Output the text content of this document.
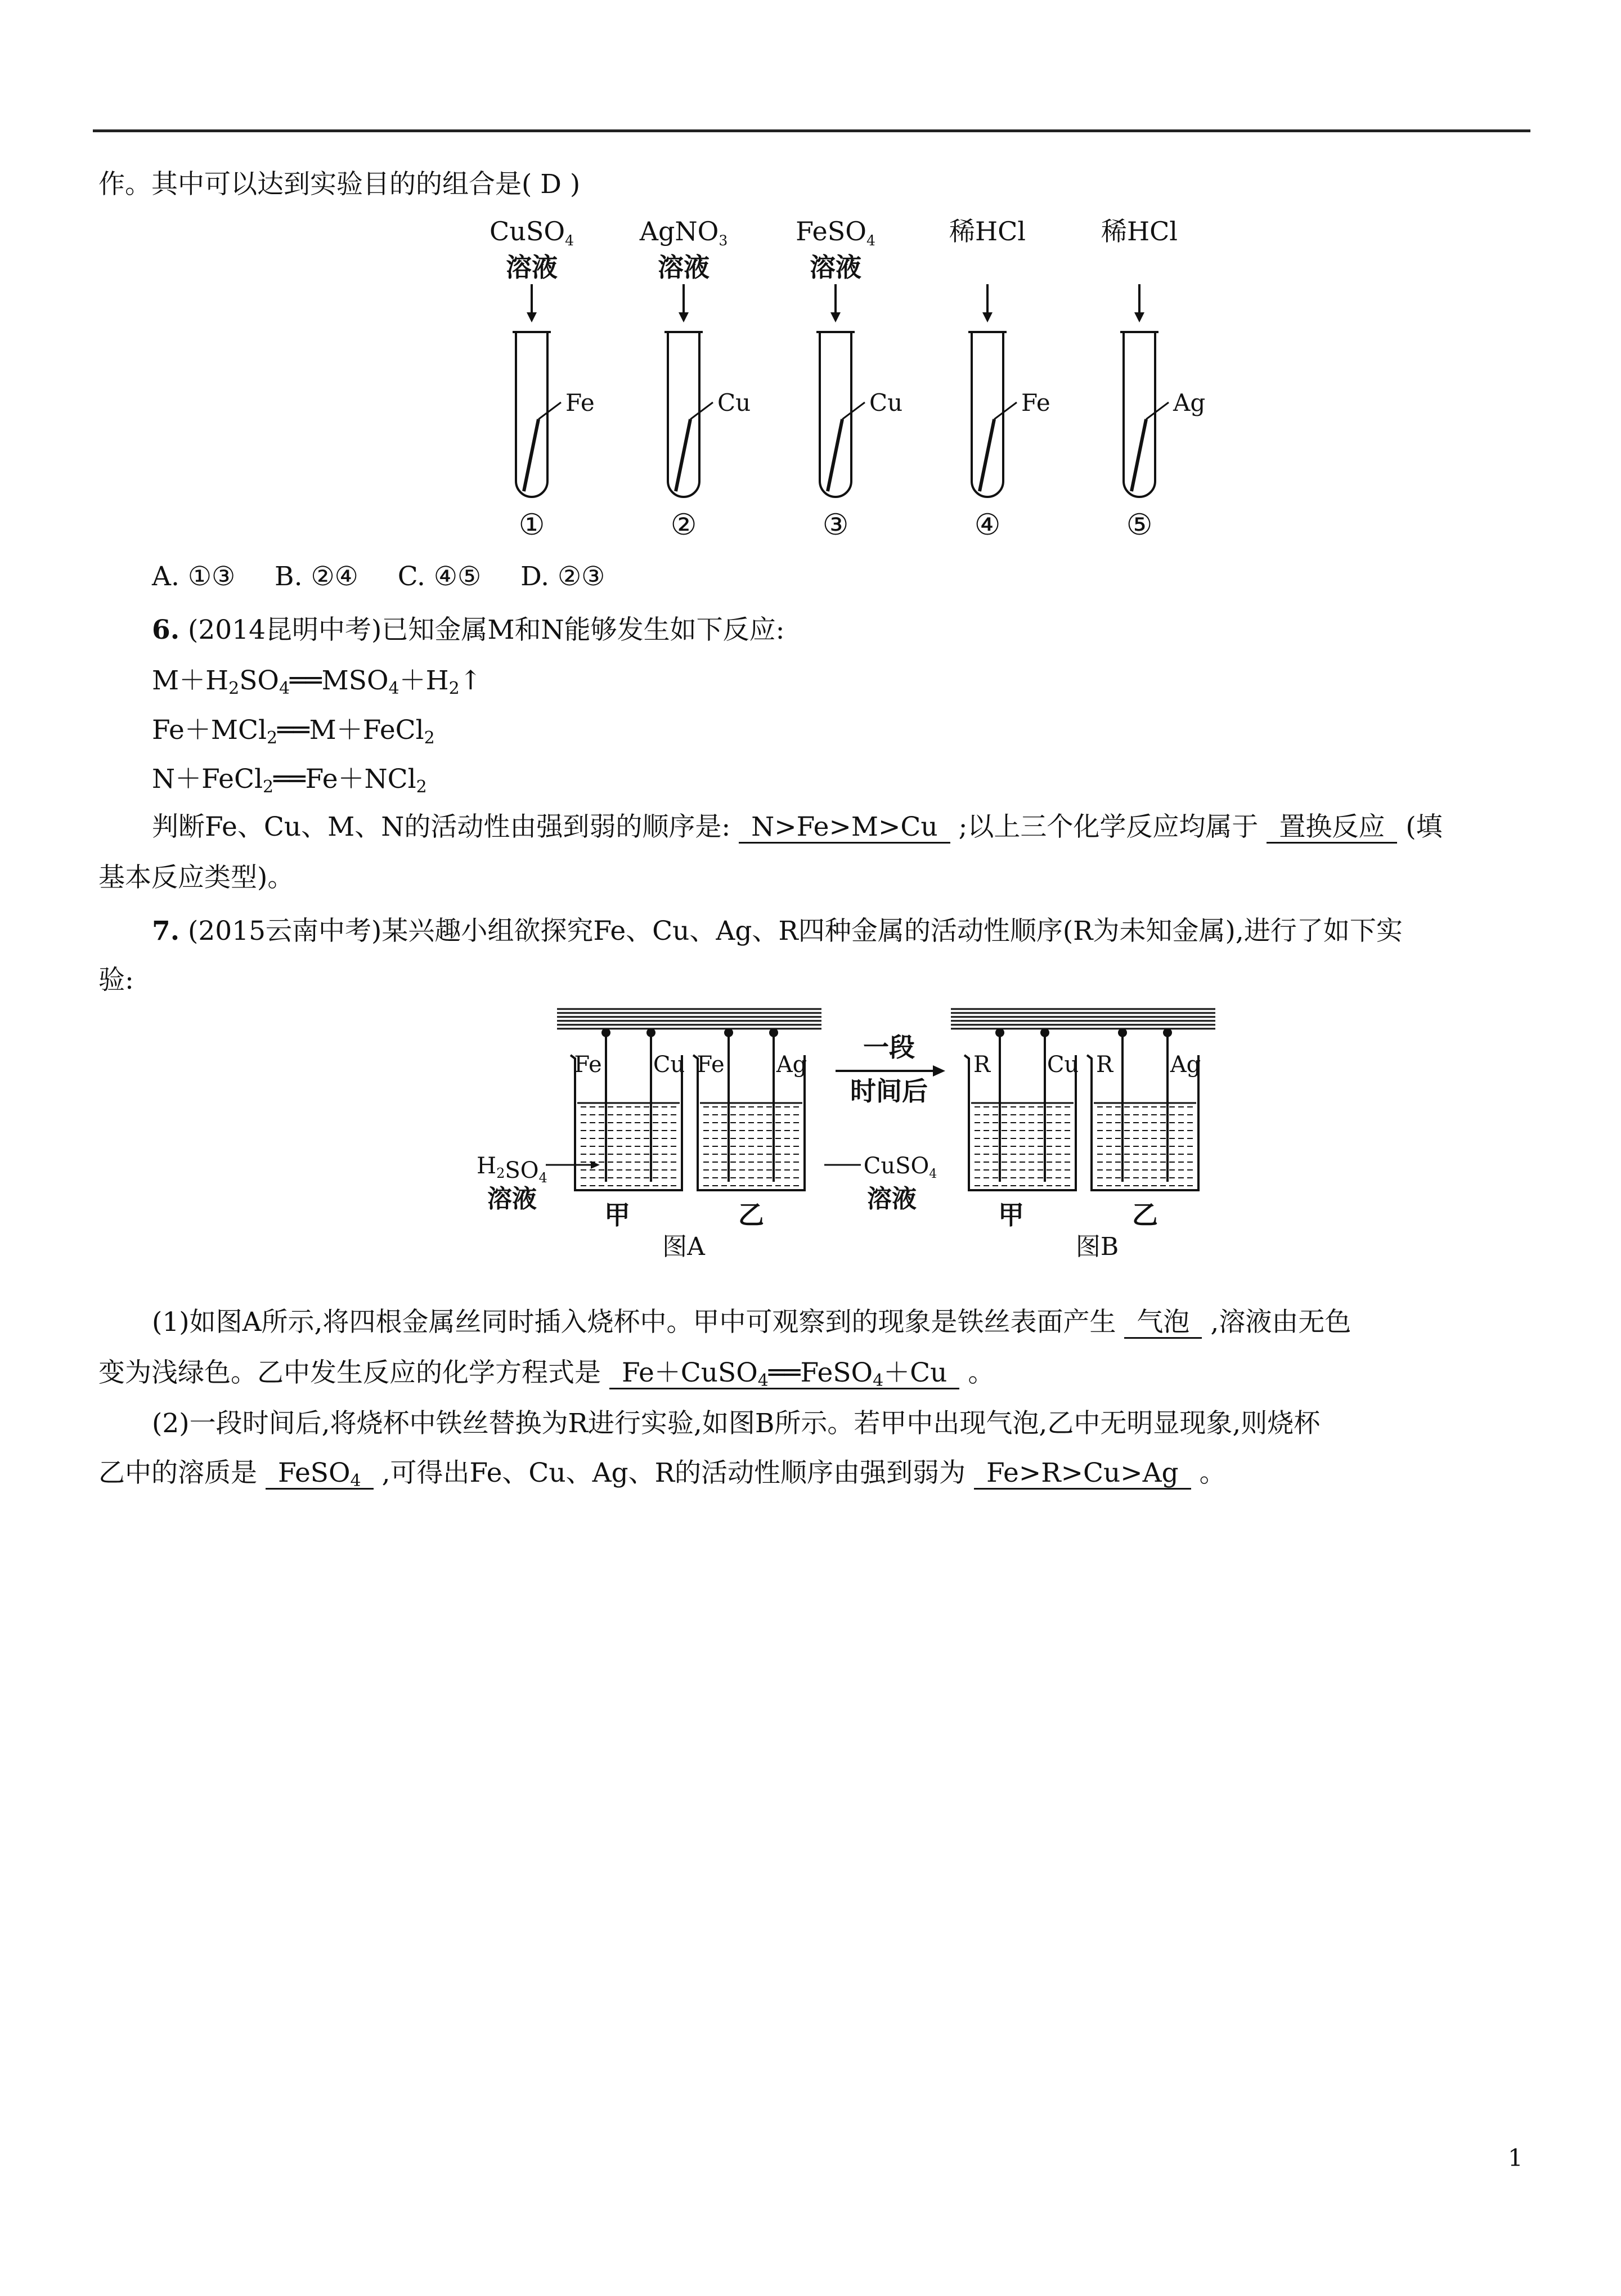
作。其中可以达到实验目的的组合是( D )
CuSO4
溶液
Fe
①
AgNO3
溶液
Cu
②
FeSO4
溶液
Cu
③
稀HCl
Fe
④
稀HCl
Ag
⑤
A. ①③ B. ②④ C. ④⑤ D. ②③
6. (2014昆明中考)已知金属M和N能够发生如下反应:
$M+H_2SO_4══MSO_4+H_2↑$
Fe＋MCl$_2$══M＋FeCl$_2$
N＋FeCl$_2$══Fe＋NCl$_2$
判断Fe、Cu、M、N的活动性由强到弱的顺序是: N>Fe>M>Cu ;以上三个化学反应均属于 置换反应 (填
基本反应类型)。
7. (2015云南中考)某兴趣小组欲探究Fe、Cu、Ag、R四种金属的活动性顺序(R为未知金属),进行了如下实
验:
Fe Cu
甲
Fe Ag
乙
$H_2SO_4$
溶液
CuSO$_4$
溶液
图A
R	Cu
甲
R	Ag
乙
图B
一段
时间后
(1)如图A所示,将四根金属丝同时插入烧杯中。甲中可观察到的现象是铁丝表面产生 气泡 ,溶液由无色
变为浅绿色。乙中发生反应的化学方程式是 Fe＋CuSO$_4$══FeSO$_4$＋Cu 。
(2)一段时间后,将烧杯中铁丝替换为R进行实验,如图B所示。若甲中出现气泡,乙中无明显现象,则烧杯
乙中的溶质是 FeSO$_4$ ,可得出Fe、Cu、Ag、R的活动性顺序由强到弱为 Fe>R>Cu>Ag 。
1
